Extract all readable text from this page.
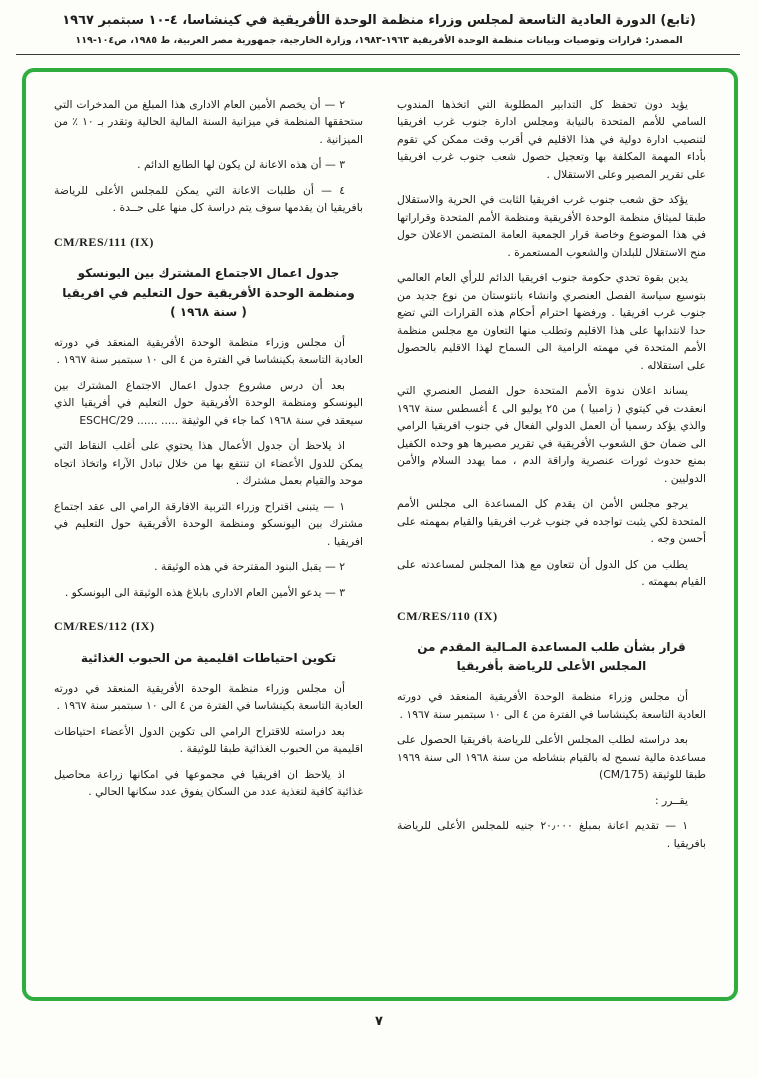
(تابع) الدورة العادية التاسعة لمجلس وزراء منظمة الوحدة الأفريقية في كينشاسا، ٤-١٠ سبتمبر ١٩٦٧
المصدر: قرارات وتوصيات وبيانات منظمة الوحدة الأفريقية ١٩٦٣-١٩٨٣، وزارة الخارجية، جمهورية مصر العربية، ط ١٩٨٥، ص١٠٤-١١٩
يؤيد دون تحفظ كل التدابير المطلوبة التي اتخذها المندوب السامي للأمم المتحدة بالنيابة ومجلس ادارة جنوب غرب افريقيا لتنصيب ادارة دولية في هذا الاقليم في أقرب وقت ممكن كي تقوم بأداء المهمة المكلفة بها وتعجيل حصول شعب جنوب غرب افريقيا على تقرير المصير وعلى الاستقلال .
يؤكد حق شعب جنوب غرب افريقيا الثابت في الحرية والاستقلال طبقا لميثاق منظمة الوحدة الأفريقية ومنظمة الأمم المتحدة وقراراتها في هذا الموضوع وخاصة قرار الجمعية العامة المتضمن الاعلان حول منح الاستقلال للبلدان والشعوب المستعمرة .
يدين بقوة تحدي حكومة جنوب افريقيا الدائم للرأي العام العالمي بتوسيع سياسة الفصل العنصري وانشاء بانتوستان من نوع جديد من جنوب غرب افريقيا . ورفضها احترام أحكام هذه القرارات التي تضع حدا لانتدابها على هذا الاقليم وتطلب منها التعاون مع مجلس منظمة الأمم المتحدة في مهمته الرامية الى السماح لهذا الاقليم بالحصول على استقلاله .
يساند اعلان ندوة الأمم المتحدة حول الفصل العنصري التي انعقدت في كيتوي ( زامبيا ) من ٢٥ يوليو الى ٤ أغسطس سنة ١٩٦٧ والذي يؤكد رسميا أن العمل الدولي الفعال في جنوب افريقيا الرامي الى ضمان حق الشعوب الأفريقية في تقرير مصيرها هو وحده الكفيل بمنع حدوث ثورات عنصرية واراقة الدم ، مما يهدد السلام والأمن الدوليين .
يرجو مجلس الأمن ان يقدم كل المساعدة الى مجلس الأمم المتحدة لكي يثبت تواجده في جنوب غرب افريقيا والقيام بمهمته على أحسن وجه .
يطلب من كل الدول أن تتعاون مع هذا المجلس لمساعدته على القيام بمهمته .
CM/RES/110 (IX)
قرار بشأن طلب المساعدة المـالية المقدم من المجلس الأعلى للرياضة بأفريقيا
أن مجلس وزراء منظمة الوحدة الأفريقية المنعقد في دورته العادية التاسعة بكينشاسا في الفترة من ٤ الى ١٠ سبتمبر سنة ١٩٦٧ .
بعد دراسته لطلب المجلس الأعلى للرياضة بافريقيا الحصول على مساعدة مالية تسمح له بالقيام بنشاطه من سنة ١٩٦٨ الى سنة ١٩٦٩ طبقا للوثيقة (CM/175)
يقــرر :
١ — تقديم اعانة بمبلغ ٢٠٫٠٠٠ جنيه للمجلس الأعلى للرياضة بافريقيا .
٢ — أن يخصم الأمين العام الادارى هذا المبلغ من المدخرات التي ستحققها المنظمة في ميزانية السنة المالية الحالية وتقدر بـ ١٠ ٪ من الميزانية .
٣ — أن هذه الاعانة لن يكون لها الطابع الدائم .
٤ — أن طلبات الاعانة التي يمكن للمجلس الأعلى للرياضة بافريقيا ان يقدمها سوف يتم دراسة كل منها على حــدة .
CM/RES/111 (IX)
جدول اعمال الاجتماع المشترك بين اليونسكو ومنظمة الوحدة الأفريقية حول التعليم في افريقيا ( سنة ١٩٦٨ )
أن مجلس وزراء منظمة الوحدة الأفريقية المنعقد في دورته العادية التاسعة بكينشاسا في الفترة من ٤ الى ١٠ سبتمبر سنة ١٩٦٧ .
بعد أن درس مشروع جدول اعمال الاجتماع المشترك بين اليونسكو ومنظمة الوحدة الأفريقية حول التعليم في أفريقيا الذي سيعقد في سنة ١٩٦٨ كما جاء في الوثيقة ..... ...... ESCHC/29
اذ يلاحظ أن جدول الأعمال هذا يحتوي على أغلب النقاط التي يمكن للدول الأعضاء ان تنتفع بها من خلال تبادل الآراء واتخاذ اتجاه موحد والقيام بعمل مشترك .
١ — يتبنى اقتراح وزراء التربية الافارقة الرامي الى عقد اجتماع مشترك بين اليونسكو ومنظمة الوحدة الأفريقية حول التعليم في افريقيا .
٢ — يقبل البنود المقترحة في هذه الوثيقة .
٣ — يدعو الأمين العام الادارى بابلاغ هذه الوثيقة الى اليونسكو .
CM/RES/112 (IX)
تكوين احتياطات اقليمية من الحبوب الغذائية
أن مجلس وزراء منظمة الوحدة الأفريقية المنعقد في دورته العادية التاسعة بكينشاسا في الفترة من ٤ الى ١٠ سبتمبر سنة ١٩٦٧ .
بعد دراسته للاقتراح الرامي الى تكوين الدول الأعضاء احتياطات اقليمية من الحبوب الغذائية طبقا للوثيقة .
اذ يلاحظ ان افريقيا في مجموعها في امكانها زراعة محاصيل غذائية كافية لتغذية عدد من السكان يفوق عدد سكانها الحالي .
٧
